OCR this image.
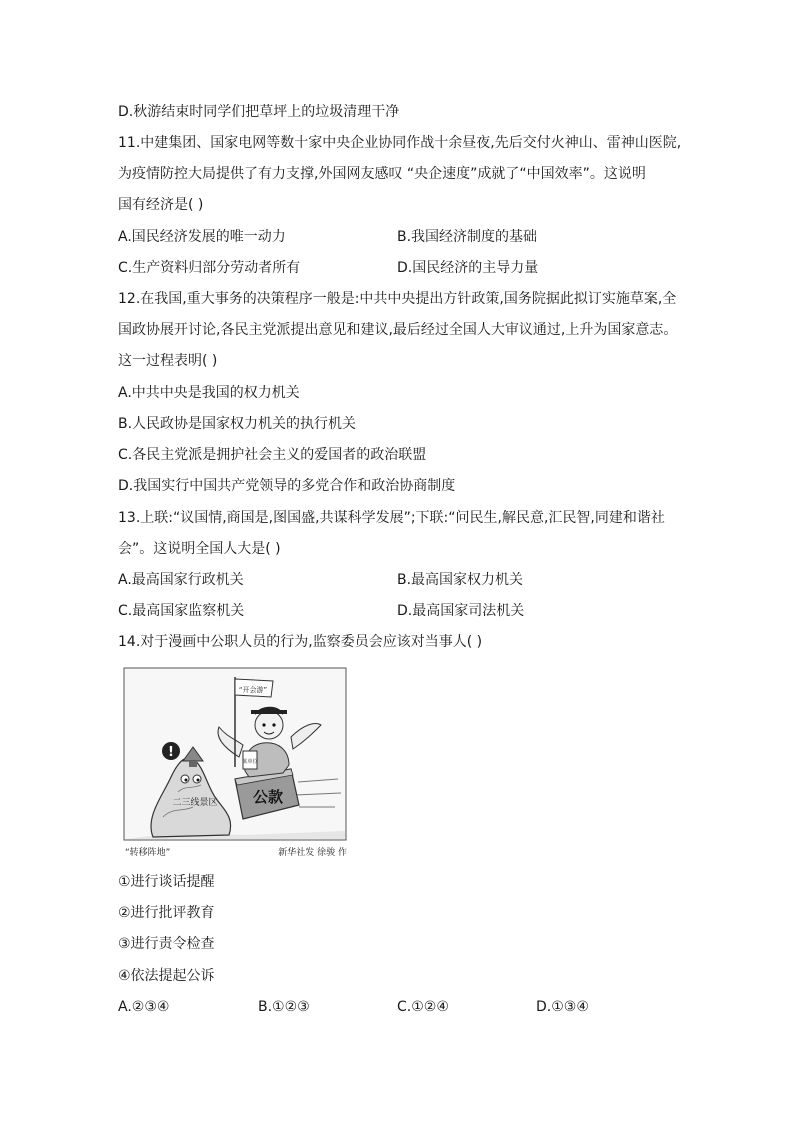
D.秋游结束时同学们把草坪上的垃圾清理干净
11.中建集团、国家电网等数十家中央企业协同作战十余昼夜,先后交付火神山、雷神山医院,
为疫情防控大局提供了有力支撑,外国网友感叹 “央企速度”成就了“中国效率”。这说明
国有经济是( )
A.国民经济发展的唯一动力	B.我国经济制度的基础
C.生产资料归部分劳动者所有	D.国民经济的主导力量
12.在我国,重大事务的决策程序一般是:中共中央提出方针政策,国务院据此拟订实施草案,全
国政协展开讨论,各民主党派提出意见和建议,最后经过全国人大审议通过,上升为国家意志。
这一过程表明( )
A.中共中央是我国的权力机关
B.人民政协是国家权力机关的执行机关
C.各民主党派是拥护社会主义的爱国者的政治联盟
D.我国实行中国共产党领导的多党合作和政治协商制度
13.上联:“议国情,商国是,图国盛,共谋科学发展”;下联:“问民生,解民意,汇民智,同建和谐社
会”。这说明全国人大是( )
A.最高国家行政机关	B.最高国家权力机关
C.最高国家监察机关	D.最高国家司法机关
14.对于漫画中公职人员的行为,监察委员会应该对当事人( )
!
二三线景区 公款
某单位
“开会游”
“转移阵地”	新华社发 徐骏 作
①进行谈话提醒
②进行批评教育
③进行责令检查
④依法提起公诉
A.②③④	B.①②③	C.①②④	D.①③④
